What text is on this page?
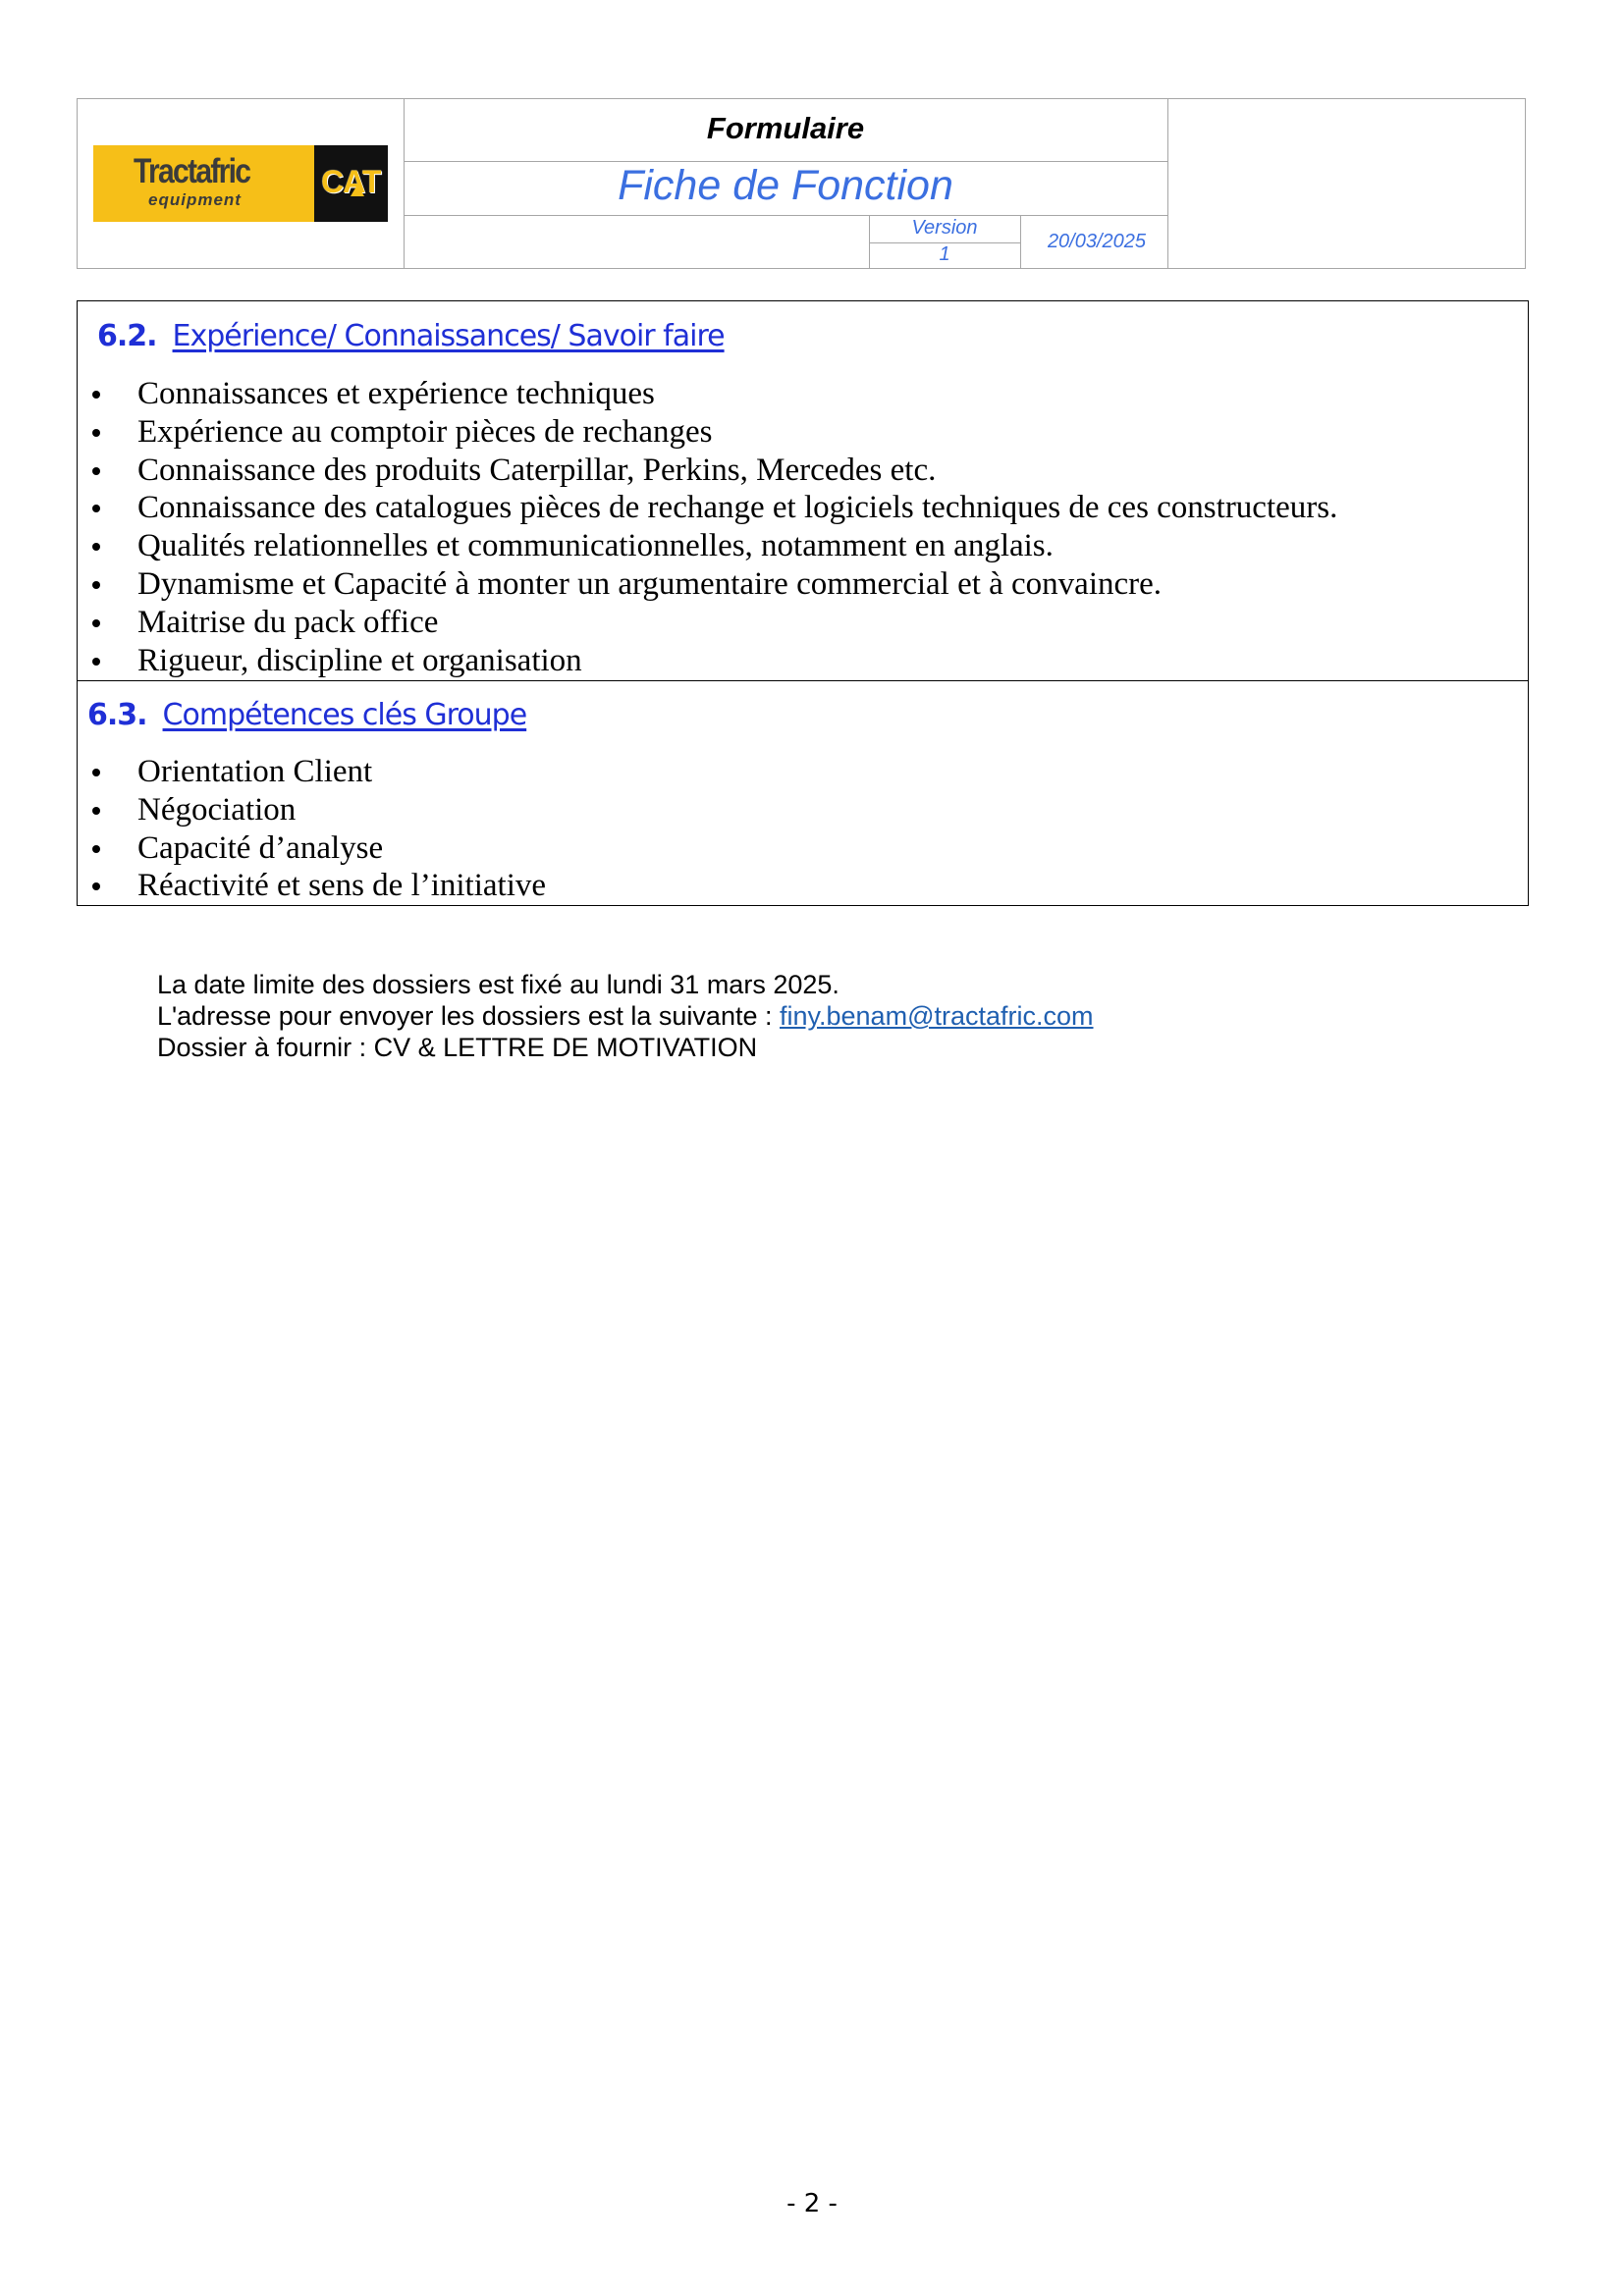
Tractafric
equipment
CAT
Formulaire
Fiche de Fonction
Version
1
20/03/2025
6.2. Expérience/ Connaissances/ Savoir faire
Connaissances et expérience techniques
Expérience au comptoir pièces de rechanges
Connaissance des produits Caterpillar, Perkins, Mercedes etc.
Connaissance des catalogues pièces de rechange et logiciels techniques de ces constructeurs.
Qualités relationnelles et communicationnelles, notamment en anglais.
Dynamisme et Capacité à monter un argumentaire commercial et à convaincre.
Maitrise du pack office
Rigueur, discipline et organisation
6.3. Compétences clés Groupe
Orientation Client
Négociation
Capacité d’analyse
Réactivité et sens de l’initiative
La date limite des dossiers est fixé au lundi 31 mars 2025.
L'adresse pour envoyer les dossiers est la suivante : finy.benam@tractafric.com
Dossier à fournir : CV & LETTRE DE MOTIVATION
- 2 -
